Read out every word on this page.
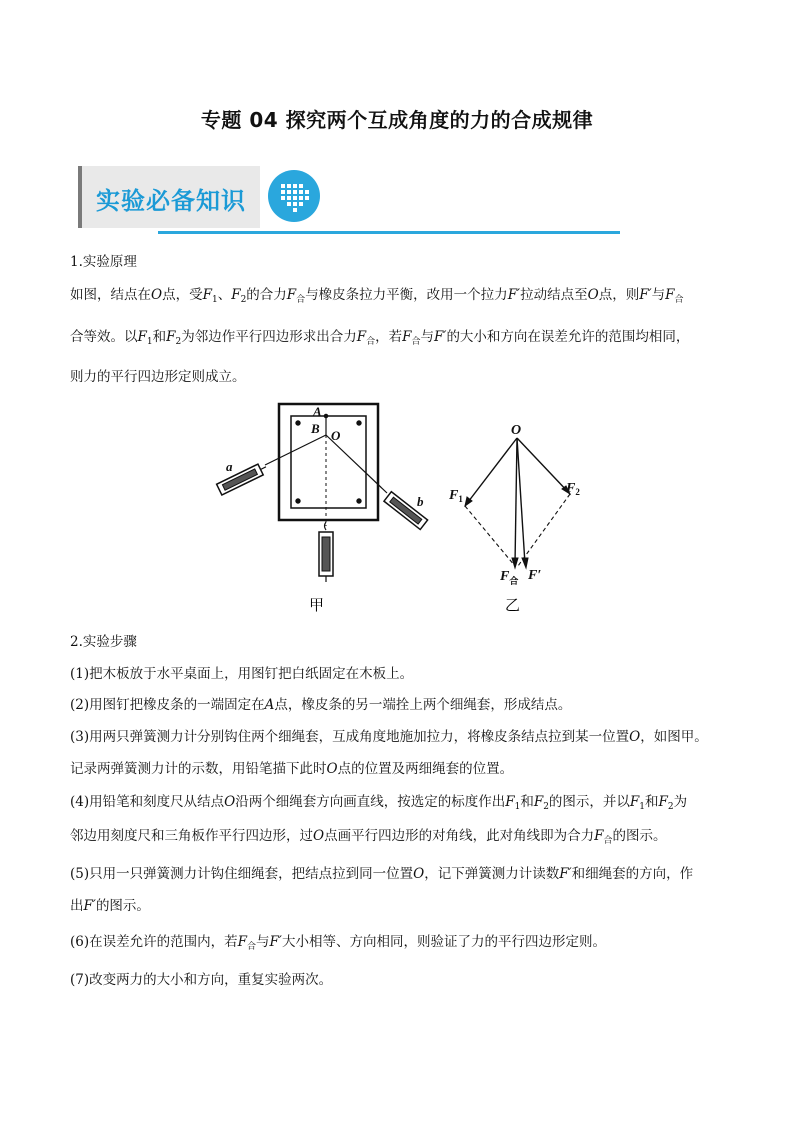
专题 04 探究两个互成角度的力的合成规律
实验必备知识
1.实验原理
如图，结点在O点，受$F_1$、$F_2$的合力$F_合$与橡皮条拉力平衡，改用一个拉力F′拉动结点至O点，则F′与$F_合$
合等效。以$F_1$和$F_2$为邻边作平行四边形求出合力$F_合$，若$F_合$与F′的大小和方向在误差允许的范围均相同，
则力的平行四边形定则成立。
A
B O
a
b
甲
O
$F_1$
$F_2$
$F_合$ F′
乙
2.实验步骤
(1)把木板放于水平桌面上，用图钉把白纸固定在木板上。
(2)用图钉把橡皮条的一端固定在A点，橡皮条的另一端拴上两个细绳套，形成结点。
(3)用两只弹簧测力计分别钩住两个细绳套，互成角度地施加拉力，将橡皮条结点拉到某一位置O，如图甲。
记录两弹簧测力计的示数，用铅笔描下此时O点的位置及两细绳套的位置。
(4)用铅笔和刻度尺从结点O沿两个细绳套方向画直线，按选定的标度作出$F_1$和$F_2$的图示，并以$F_1$和$F_2$为
邻边用刻度尺和三角板作平行四边形，过O点画平行四边形的对角线，此对角线即为合力$F_合$的图示。
(5)只用一只弹簧测力计钩住细绳套，把结点拉到同一位置O，记下弹簧测力计读数F′和细绳套的方向，作
出F′的图示。
(6)在误差允许的范围内，若$F_合$与F′大小相等、方向相同，则验证了力的平行四边形定则。
(7)改变两力的大小和方向，重复实验两次。
